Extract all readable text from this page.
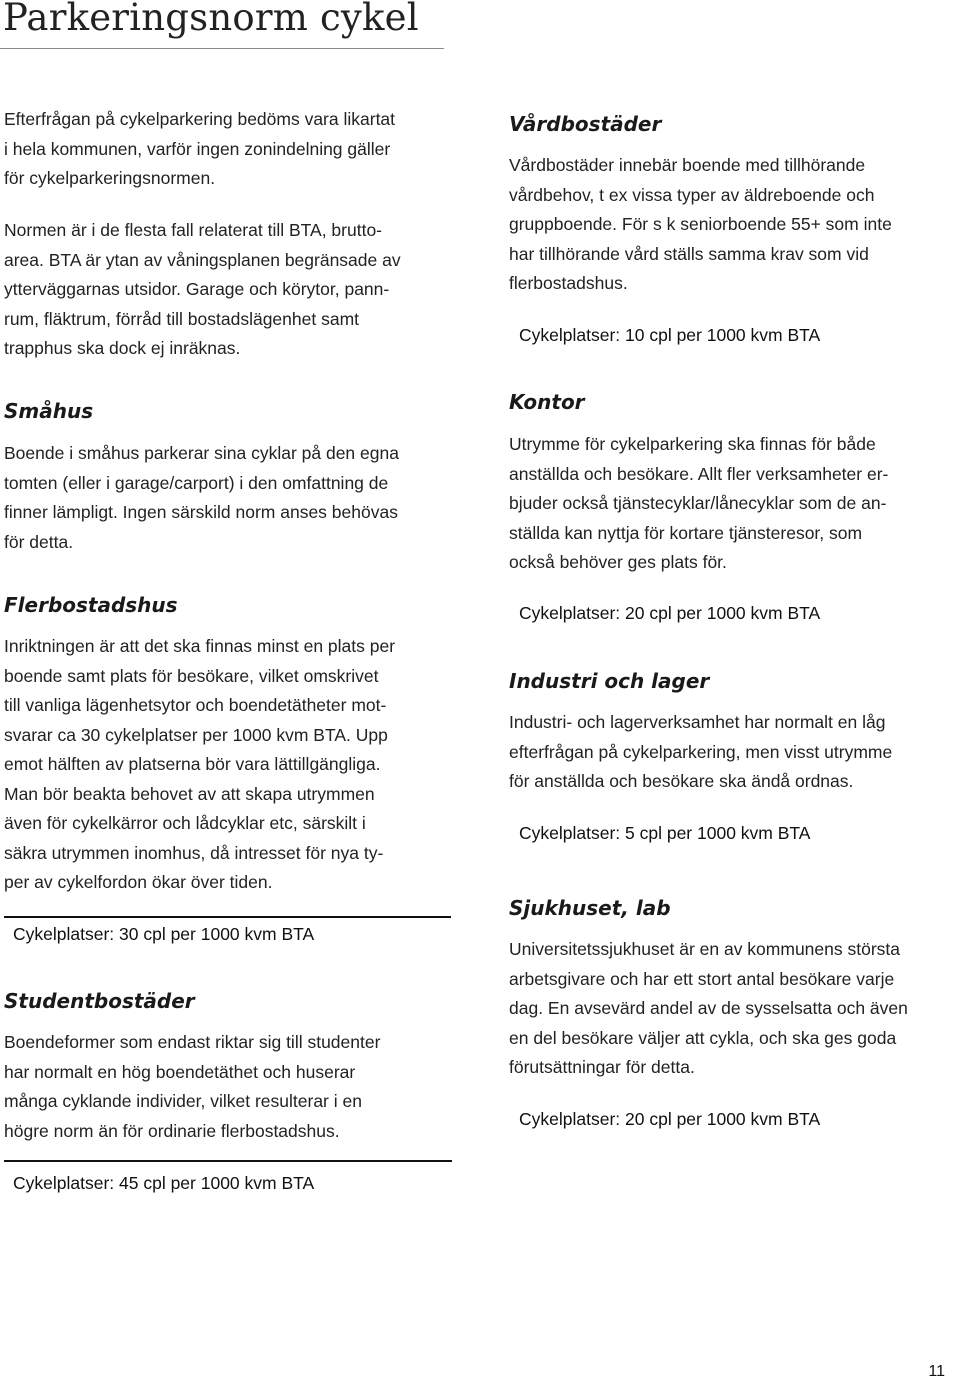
Parkeringsnorm cykel

Efterfrågan på cykelparkering bedöms vara likartat
i hela kommunen, varför ingen zonindelning gäller
för cykelparkeringsnormen.

Normen är i de flesta fall relaterat till BTA, brutto-
area. BTA är ytan av våningsplanen begränsade av
ytterväggarnas utsidor. Garage och körytor, pann-
rum, fläktrum, förråd till bostadslägenhet samt
trapphus ska dock ej inräknas.

Småhus

Boende i småhus parkerar sina cyklar på den egna
tomten (eller i garage/carport) i den omfattning de
finner lämpligt. Ingen särskild norm anses behövas
för detta.

Flerbostadshus

Inriktningen är att det ska finnas minst en plats per
boende samt plats för besökare, vilket omskrivet
till vanliga lägenhetsytor och boendetätheter mot-
svarar ca 30 cykelplatser per 1000 kvm BTA. Upp
emot hälften av platserna bör vara lättillgängliga.
Man bör beakta behovet av att skapa utrymmen
även för cykelkärror och lådcyklar etc, särskilt i
säkra utrymmen inomhus, då intresset för nya ty-
per av cykelfordon ökar över tiden.

Cykelplatser: 30 cpl per 1000 kvm BTA
Studentbostäder

Boendeformer som endast riktar sig till studenter
har normalt en hög boendetäthet och huserar
många cyklande individer, vilket resulterar i en
högre norm än för ordinarie flerbostadshus.

Cykelplatser: 45 cpl per 1000 kvm BTA
Vårdbostäder

Vårdbostäder innebär boende med tillhörande
vårdbehov, t ex vissa typer av äldreboende och
gruppboende. För s k seniorboende 55+ som inte
har tillhörande vård ställs samma krav som vid
flerbostadshus.

Cykelplatser: 10 cpl per 1000 kvm BTA
Kontor

Utrymme för cykelparkering ska finnas för både
anställda och besökare. Allt fler verksamheter er-
bjuder också tjänstecyklar/lånecyklar som de an-
ställda kan nyttja för kortare tjänsteresor, som
också behöver ges plats för.

Cykelplatser: 20 cpl per 1000 kvm BTA
Industri och lager

Industri- och lagerverksamhet har normalt en låg
efterfrågan på cykelparkering, men visst utrymme
för anställda och besökare ska ändå ordnas.

Cykelplatser: 5 cpl per 1000 kvm BTA
Sjukhuset, lab

Universitetssjukhuset är en av kommunens största
arbetsgivare och har ett stort antal besökare varje
dag. En avsevärd andel av de sysselsatta och även
en del besökare väljer att cykla, och ska ges goda
förutsättningar för detta.

Cykelplatser: 20 cpl per 1000 kvm BTA
11
